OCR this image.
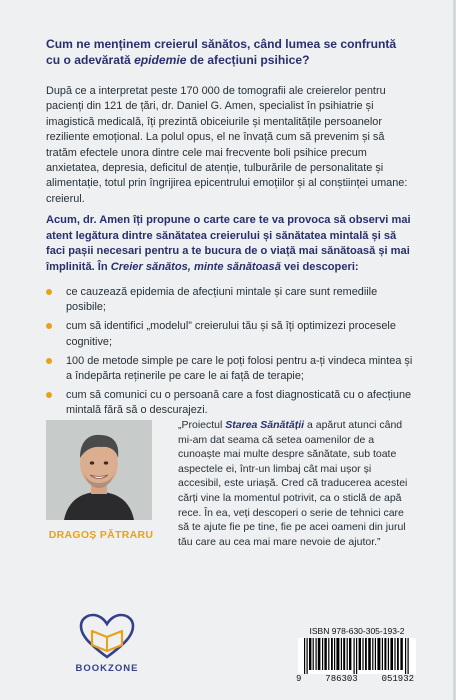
Cum ne menținem creierul sănătos, când lumea se confruntă cu o adevărată epidemie de afecțiuni psihice?

După ce a interpretat peste 170 000 de tomografii ale creierelor pentru pacienți din 121 de țări, dr. Daniel G. Amen, specialist în psihiatrie și imagistică medicală, îți prezintă obiceiurile și mentalitățile persoanelor reziliente emoțional. La polul opus, el ne învață cum să prevenim și să tratăm efectele unora dintre cele mai frecvente boli psihice precum anxietatea, depresia, deficitul de atenție, tulburările de personalitate și alimentație, totul prin îngrijirea epicentrului emoțiilor și al conștiinței umane: creierul.

Acum, dr. Amen îți propune o carte care te va provoca să observi mai atent legătura dintre sănătatea creierului și sănătatea mintală și să faci pașii necesari pentru a te bucura de o viață mai sănătoasă și mai împlinită. În Creier sănătos, minte sănătoasă vei descoperi:

ce cauzează epidemia de afecțiuni mintale și care sunt remediile posibile;
cum să identifici „modelul” creierului tău și să îți optimizezi procesele cognitive;
100 de metode simple pe care le poți folosi pentru a-ți vindeca mintea și a îndepărta reținerile pe care le ai față de terapie;
cum să comunici cu o persoană care a fost diagnosticată cu o afecțiune mintală fără să o descurajezi.
DRAGOȘ PĂTRARU

„Proiectul Starea Sănătății a apărut atunci când mi-am dat seama că setea oamenilor de a cunoaște mai multe despre sănătate, sub toate aspectele ei, într-un limbaj cât mai ușor și accesibil, este uriașă. Cred că traducerea acestei cărți vine la momentul potrivit, ca o sticlă de apă rece. În ea, veți descoperi o serie de tehnici care să te ajute fie pe tine, fie pe acei oameni din jurul tău care au cea mai mare nevoie de ajutor.”

BOOKZONE
ISBN 978-630-305-193-2
9	786303	051932
